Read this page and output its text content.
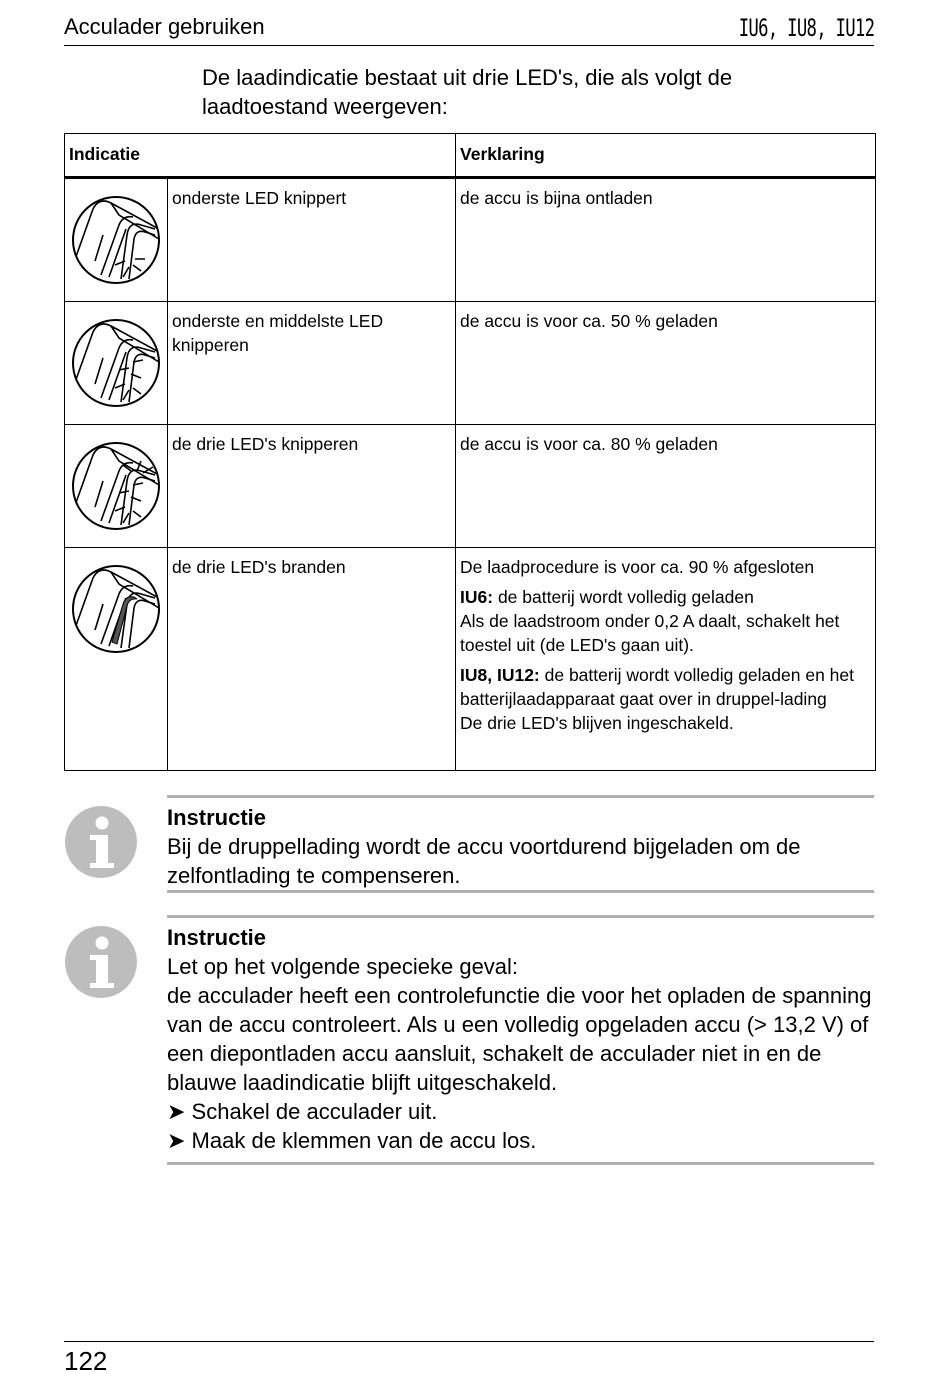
Acculader gebruiken	IU6, IU8, IU12
De laadindicatie bestaat uit drie LED's, die als volgt de laadtoestand weergeven:
Indicatie		Verklaring

	onderste LED knippert	de accu is bijna ontladen

	onderste en middelste LED knipperen	de accu is voor ca. 50 % geladen

	de drie LED's knipperen	de accu is voor ca. 80 % geladen

	de drie LED's branden	De laadprocedure is voor ca. 90 % afgesloten
IU6: de batterij wordt volledig geladen
Als de laadstroom onder 0,2 A daalt, schakelt het toestel uit (de LED's gaan uit).
IU8, IU12: de batterij wordt volledig geladen en het batterijlaadapparaat gaat over in druppel-lading
De drie LED's blijven ingeschakeld.
Instructie
Bij de druppellading wordt de accu voortdurend bijgeladen om de zelfontlading te compenseren.
Instructie
Let op het volgende specieke geval:
de acculader heeft een controlefunctie die voor het opladen de spanning van de accu controleert. Als u een volledig opgeladen accu (> 13,2 V) of een diepontladen accu aansluit, schakelt de acculader niet in en de blauwe laadindicatie blijft uitgeschakeld.
➤ Schakel de acculader uit.
➤ Maak de klemmen van de accu los.
122
